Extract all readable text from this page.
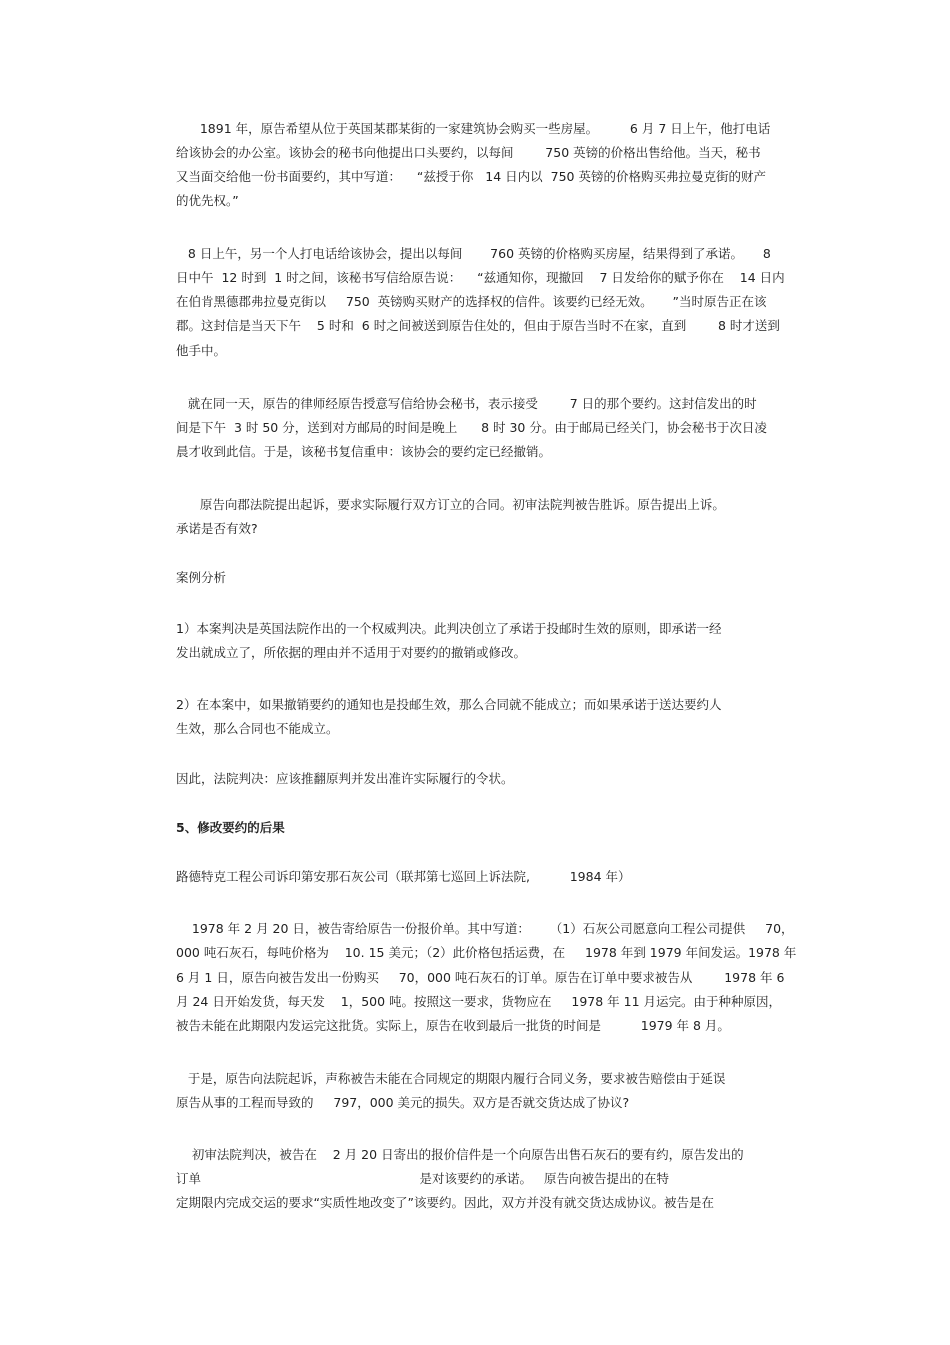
1891 年，原告希望从位于英国某郡某街的一家建筑协会购买一些房屋。        6 月 7 日上午，他打电话
给该协会的办公室。该协会的秘书向他提出口头要约，以每间        750 英镑的价格出售给他。当天，秘书
又当面交给他一份书面要约，其中写道：    “兹授于你   14 日内以  750 英镑的价格购买弗拉曼克街的财产
的优先权。”
8 日上午，另一个人打电话给该协会，提出以每间       760 英镑的价格购买房屋，结果得到了承诺。     8
日中午  12 时到  1 时之间，该秘书写信给原告说：    “兹通知你，现撤回    7 日发给你的赋予你在    14 日内
在伯肯黑德郡弗拉曼克街以     750  英镑购买财产的选择权的信件。该要约已经无效。     ”当时原告正在该
郡。这封信是当天下午    5 时和  6 时之间被送到原告住处的，但由于原告当时不在家，直到        8 时才送到
他手中。
就在同一天，原告的律师经原告授意写信给协会秘书，表示接受        7 日的那个要约。这封信发出的时
间是下午  3 时 50 分，送到对方邮局的时间是晚上      8 时 30 分。由于邮局已经关门，协会秘书于次日凌
晨才收到此信。于是，该秘书复信重申：该协会的要约定已经撤销。
原告向郡法院提出起诉，要求实际履行双方订立的合同。初审法院判被告胜诉。原告提出上诉。
承诺是否有效?
案例分析
1）本案判决是英国法院作出的一个权威判决。此判决创立了承诺于投邮时生效的原则，即承诺一经
发出就成立了，所依据的理由并不适用于对要约的撤销或修改。
2）在本案中，如果撤销要约的通知也是投邮生效，那么合同就不能成立；而如果承诺于送达要约人
生效，那么合同也不能成立。
因此，法院判决：应该推翻原判并发出准许实际履行的令状。
5、修改要约的后果
路德特克工程公司诉印第安那石灰公司（联邦第七巡回上诉法院,          1984 年）
1978 年 2 月 20 日，被告寄给原告一份报价单。其中写道：     （1）石灰公司愿意向工程公司提供     70，
000 吨石灰石，每吨价格为    10. 15 美元；（2）此价格包括运费，在     1978 年到 1979 年间发运。1978 年
6 月 1 日，原告向被告发出一份购买     70，000 吨石灰石的订单。原告在订单中要求被告从        1978 年 6
月 24 日开始发货，每天发    1，500 吨。按照这一要求，货物应在     1978 年 11 月运完。由于种种原因，
被告未能在此期限内发运完这批货。实际上，原告在收到最后一批货的时间是          1979 年 8 月。
于是，原告向法院起诉，声称被告未能在合同规定的期限内履行合同义务，要求被告赔偿由于延误
原告从事的工程而导致的     797，000 美元的损失。双方是否就交货达成了协议?
初审法院判决，被告在    2 月 20 日寄出的报价信件是一个向原告出售石灰石的要有约，原告发出的
订单                                                       是对该要约的承诺。   原告向被告提出的在特
定期限内完成交运的要求“实质性地改变了”该要约。因此，双方并没有就交货达成协议。被告是在
